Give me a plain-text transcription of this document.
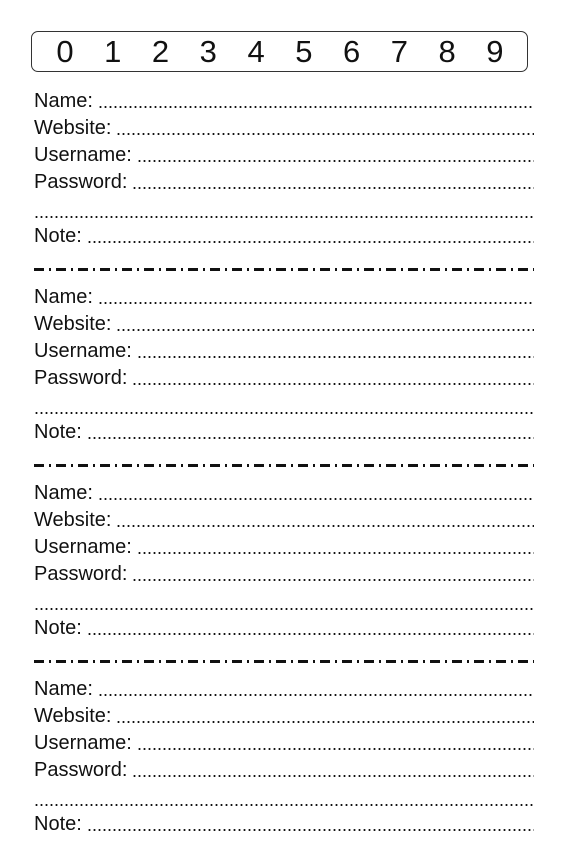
0 1 2 3 4 5 6 7 8 9
Name:
Website:
Username:
Password:
Note:
Name:
Website:
Username:
Password:
Note:
Name:
Website:
Username:
Password:
Note:
Name:
Website:
Username:
Password:
Note:
